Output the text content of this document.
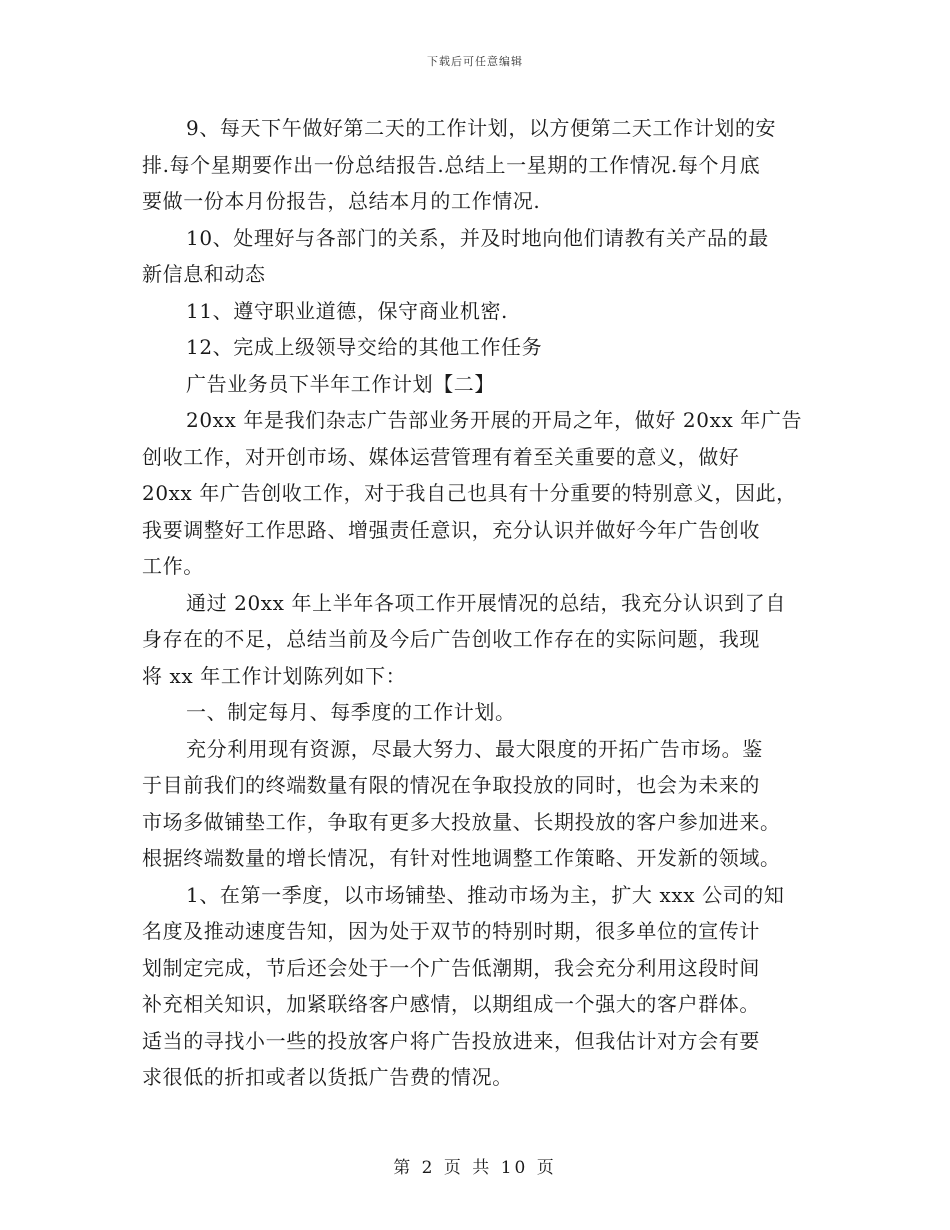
下载后可任意编辑
9、每天下午做好第二天的工作计划，以方便第二天工作计划的安
排.每个星期要作出一份总结报告.总结上一星期的工作情况.每个月底
要做一份本月份报告，总结本月的工作情况.
10、处理好与各部门的关系，并及时地向他们请教有关产品的最
新信息和动态
11、遵守职业道德，保守商业机密.
12、完成上级领导交给的其他工作任务
广告业务员下半年工作计划【二】
20xx 年是我们杂志广告部业务开展的开局之年，做好 20xx 年广告
创收工作，对开创市场、媒体运营管理有着至关重要的意义，做好
20xx 年广告创收工作，对于我自己也具有十分重要的特别意义，因此，
我要调整好工作思路、增强责任意识，充分认识并做好今年广告创收
工作。
通过 20xx 年上半年各项工作开展情况的总结，我充分认识到了自
身存在的不足，总结当前及今后广告创收工作存在的实际问题，我现
将 xx 年工作计划陈列如下：
一、制定每月、每季度的工作计划。
充分利用现有资源，尽最大努力、最大限度的开拓广告市场。鉴
于目前我们的终端数量有限的情况在争取投放的同时，也会为未来的
市场多做铺垫工作，争取有更多大投放量、长期投放的客户参加进来。
根据终端数量的增长情况，有针对性地调整工作策略、开发新的领域。
1、在第一季度，以市场铺垫、推动市场为主，扩大 xxx 公司的知
名度及推动速度告知，因为处于双节的特别时期，很多单位的宣传计
划制定完成，节后还会处于一个广告低潮期，我会充分利用这段时间
补充相关知识，加紧联络客户感情，以期组成一个强大的客户群体。
适当的寻找小一些的投放客户将广告投放进来，但我估计对方会有要
求很低的折扣或者以货抵广告费的情况。
第 2 页 共 10 页
